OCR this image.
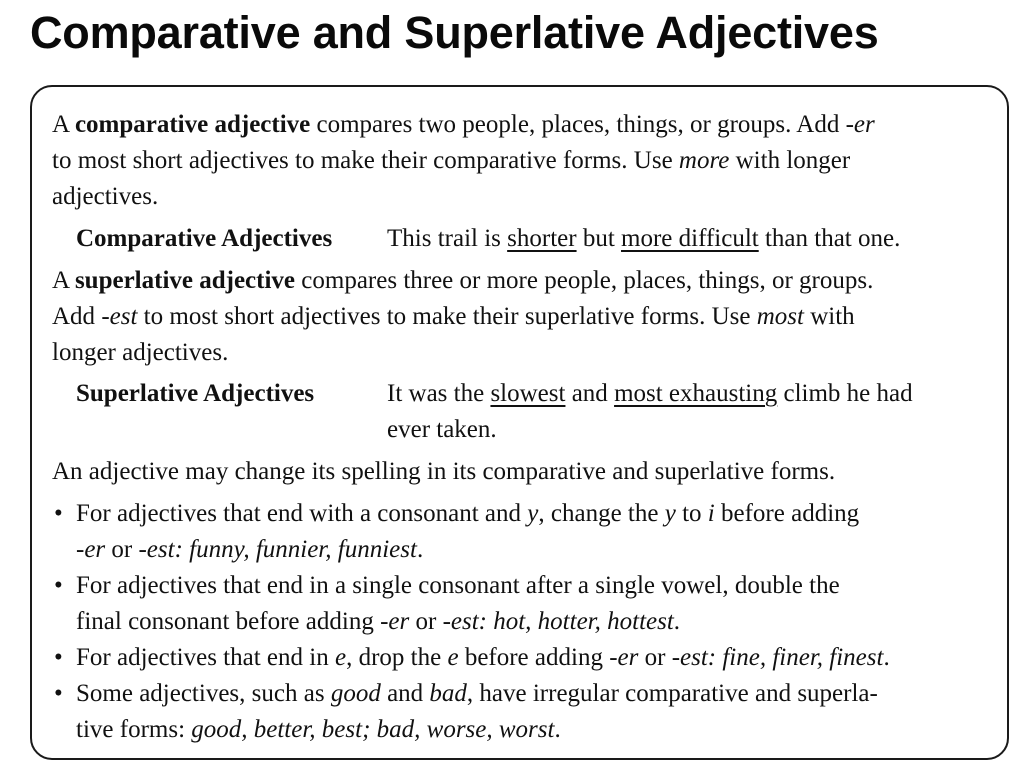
Comparative and Superlative Adjectives
A comparative adjective compares two people, places, things, or groups. Add -er
to most short adjectives to make their comparative forms. Use more with longer
adjectives.
Comparative Adjectives This trail is shorter but more difficult than that one.
A superlative adjective compares three or more people, places, things, or groups.
Add -est to most short adjectives to make their superlative forms. Use most with
longer adjectives.
Superlative Adjectives	It was the slowest and most exhausting climb he had
ever taken.
An adjective may change its spelling in its comparative and superlative forms.
• For adjectives that end with a consonant and y, change the y to i before adding
-er or -est: funny, funnier, funniest.
• For adjectives that end in a single consonant after a single vowel, double the
final consonant before adding -er or -est: hot, hotter, hottest.
• For adjectives that end in e, drop the e before adding -er or -est: fine, finer, finest.
• Some adjectives, such as good and bad, have irregular comparative and superla-
tive forms: good, better, best; bad, worse, worst.
